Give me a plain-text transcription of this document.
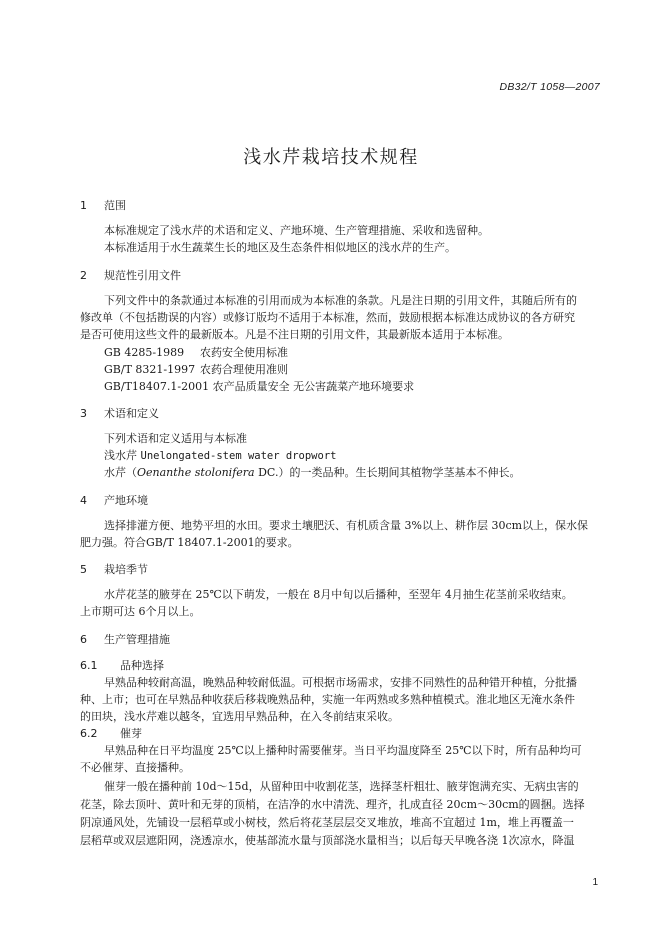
DB32/T 1058—2007
浅水芹栽培技术规程
1 范围
本标准规定了浅水芹的术语和定义、产地环境、生产管理措施、采收和选留种。
本标准适用于水生蔬菜生长的地区及生态条件相似地区的浅水芹的生产。
2 规范性引用文件
下列文件中的条款通过本标准的引用而成为本标准的条款。凡是注日期的引用文件，其随后所有的
修改单（不包括勘误的内容）或修订版均不适用于本标准，然而，鼓励根据本标准达成协议的各方研究
是否可使用这些文件的最新版本。凡是不注日期的引用文件，其最新版本适用于本标准。
GB 4285-1989 农药安全使用标准
GB/T 8321-1997 农药合理使用准则
GB/T18407.1-2001 农产品质量安全 无公害蔬菜产地环境要求
3 术语和定义
下列术语和定义适用与本标准
浅水芹 Unelongated-stem water dropwort
水芹（Oenanthe stolonifera DC.）的一类品种。生长期间其植物学茎基本不伸长。
4 产地环境
选择排灌方便、地势平坦的水田。要求土壤肥沃、有机质含量 3%以上、耕作层 30cm以上，保水保
肥力强。符合GB/T 18407.1-2001的要求。
5 栽培季节
水芹花茎的腋芽在 25℃以下萌发，一般在 8月中旬以后播种，至翌年 4月抽生花茎前采收结束。
上市期可达 6个月以上。
6 生产管理措施
6.1 品种选择
早熟品种较耐高温，晚熟品种较耐低温。可根据市场需求，安排不同熟性的品种错开种植，分批播
种、上市；也可在早熟品种收获后移栽晚熟品种，实施一年两熟或多熟种植模式。淮北地区无淹水条件
的田块，浅水芹难以越冬，宜选用早熟品种，在入冬前结束采收。
6.2 催芽
早熟品种在日平均温度 25℃以上播种时需要催芽。当日平均温度降至 25℃以下时，所有品种均可
不必催芽、直接播种。
催芽一般在播种前 10d～15d，从留种田中收割花茎，选择茎杆粗壮、腋芽饱满充实、无病虫害的
花茎，除去顶叶、黄叶和无芽的顶梢，在洁净的水中清洗、理齐，扎成直径 20cm～30cm的圆捆。选择
阴凉通风处，先铺设一层稻草或小树枝，然后将花茎层层交叉堆放，堆高不宜超过 1m，堆上再覆盖一
层稻草或双层遮阳网，浇透凉水，使基部流水量与顶部浇水量相当；以后每天早晚各浇 1次凉水，降温
1
